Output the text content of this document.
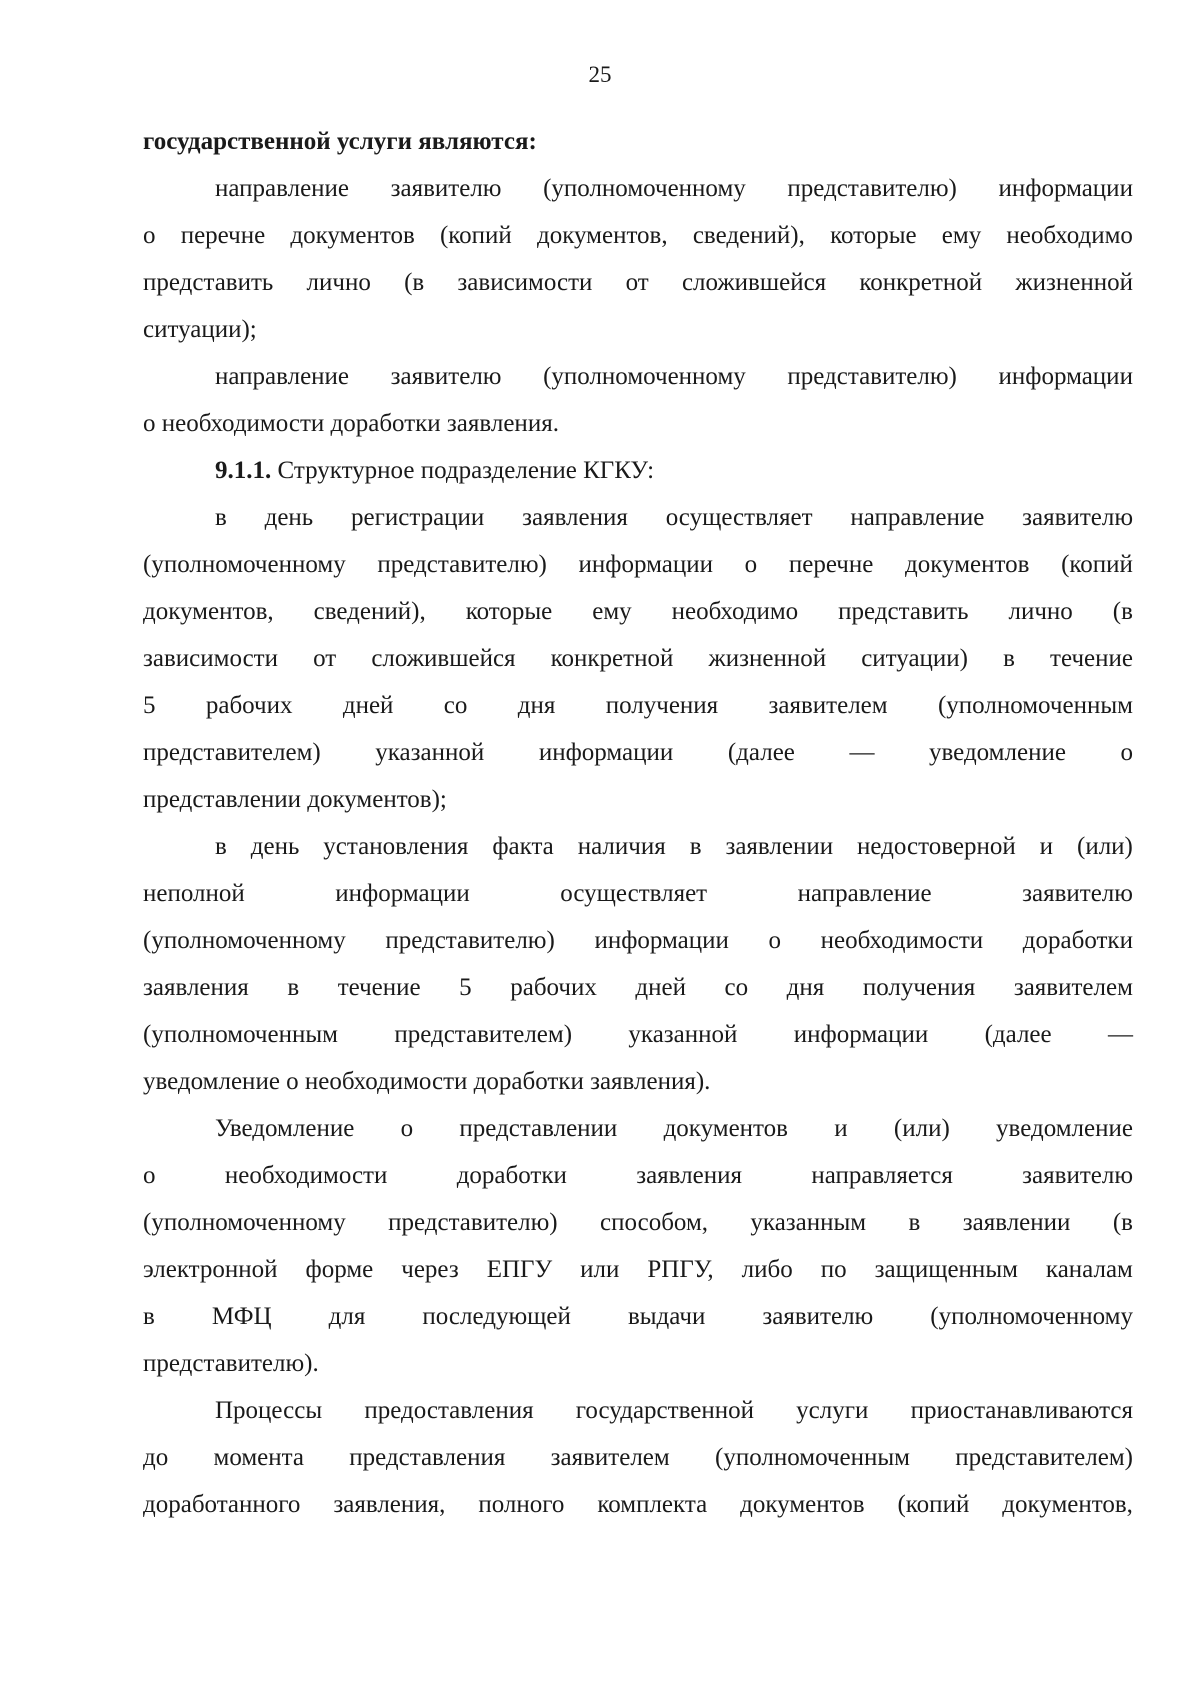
25
государственной услуги являются:
направление заявителю (уполномоченному представителю) информации
о перечне документов (копий документов, сведений), которые ему необходимо
представить лично (в зависимости от сложившейся конкретной жизненной
ситуации);
направление заявителю (уполномоченному представителю) информации
о необходимости доработки заявления.
9.1.1. Структурное подразделение КГКУ:
в день регистрации заявления осуществляет направление заявителю
(уполномоченному представителю) информации о перечне документов (копий
документов, сведений), которые ему необходимо представить лично (в
зависимости от сложившейся конкретной жизненной ситуации) в течение
5 рабочих дней со дня получения заявителем (уполномоченным
представителем) указанной информации (далее — уведомление о
представлении документов);
в день установления факта наличия в заявлении недостоверной и (или)
неполной	информации	осуществляет	направление	заявителю
(уполномоченному представителю) информации о необходимости доработки
заявления в течение 5 рабочих дней со дня получения заявителем
(уполномоченным представителем) указанной информации (далее —
уведомление о необходимости доработки заявления).
Уведомление о представлении документов и (или) уведомление
о	необходимости	доработки	заявления	направляется	заявителю
(уполномоченному представителю) способом, указанным в заявлении (в
электронной форме через ЕПГУ или РПГУ, либо по защищенным каналам
в МФЦ для последующей выдачи заявителю (уполномоченному
представителю).
Процессы предоставления государственной услуги приостанавливаются
до момента представления заявителем (уполномоченным представителем)
доработанного заявления, полного комплекта документов (копий документов,
